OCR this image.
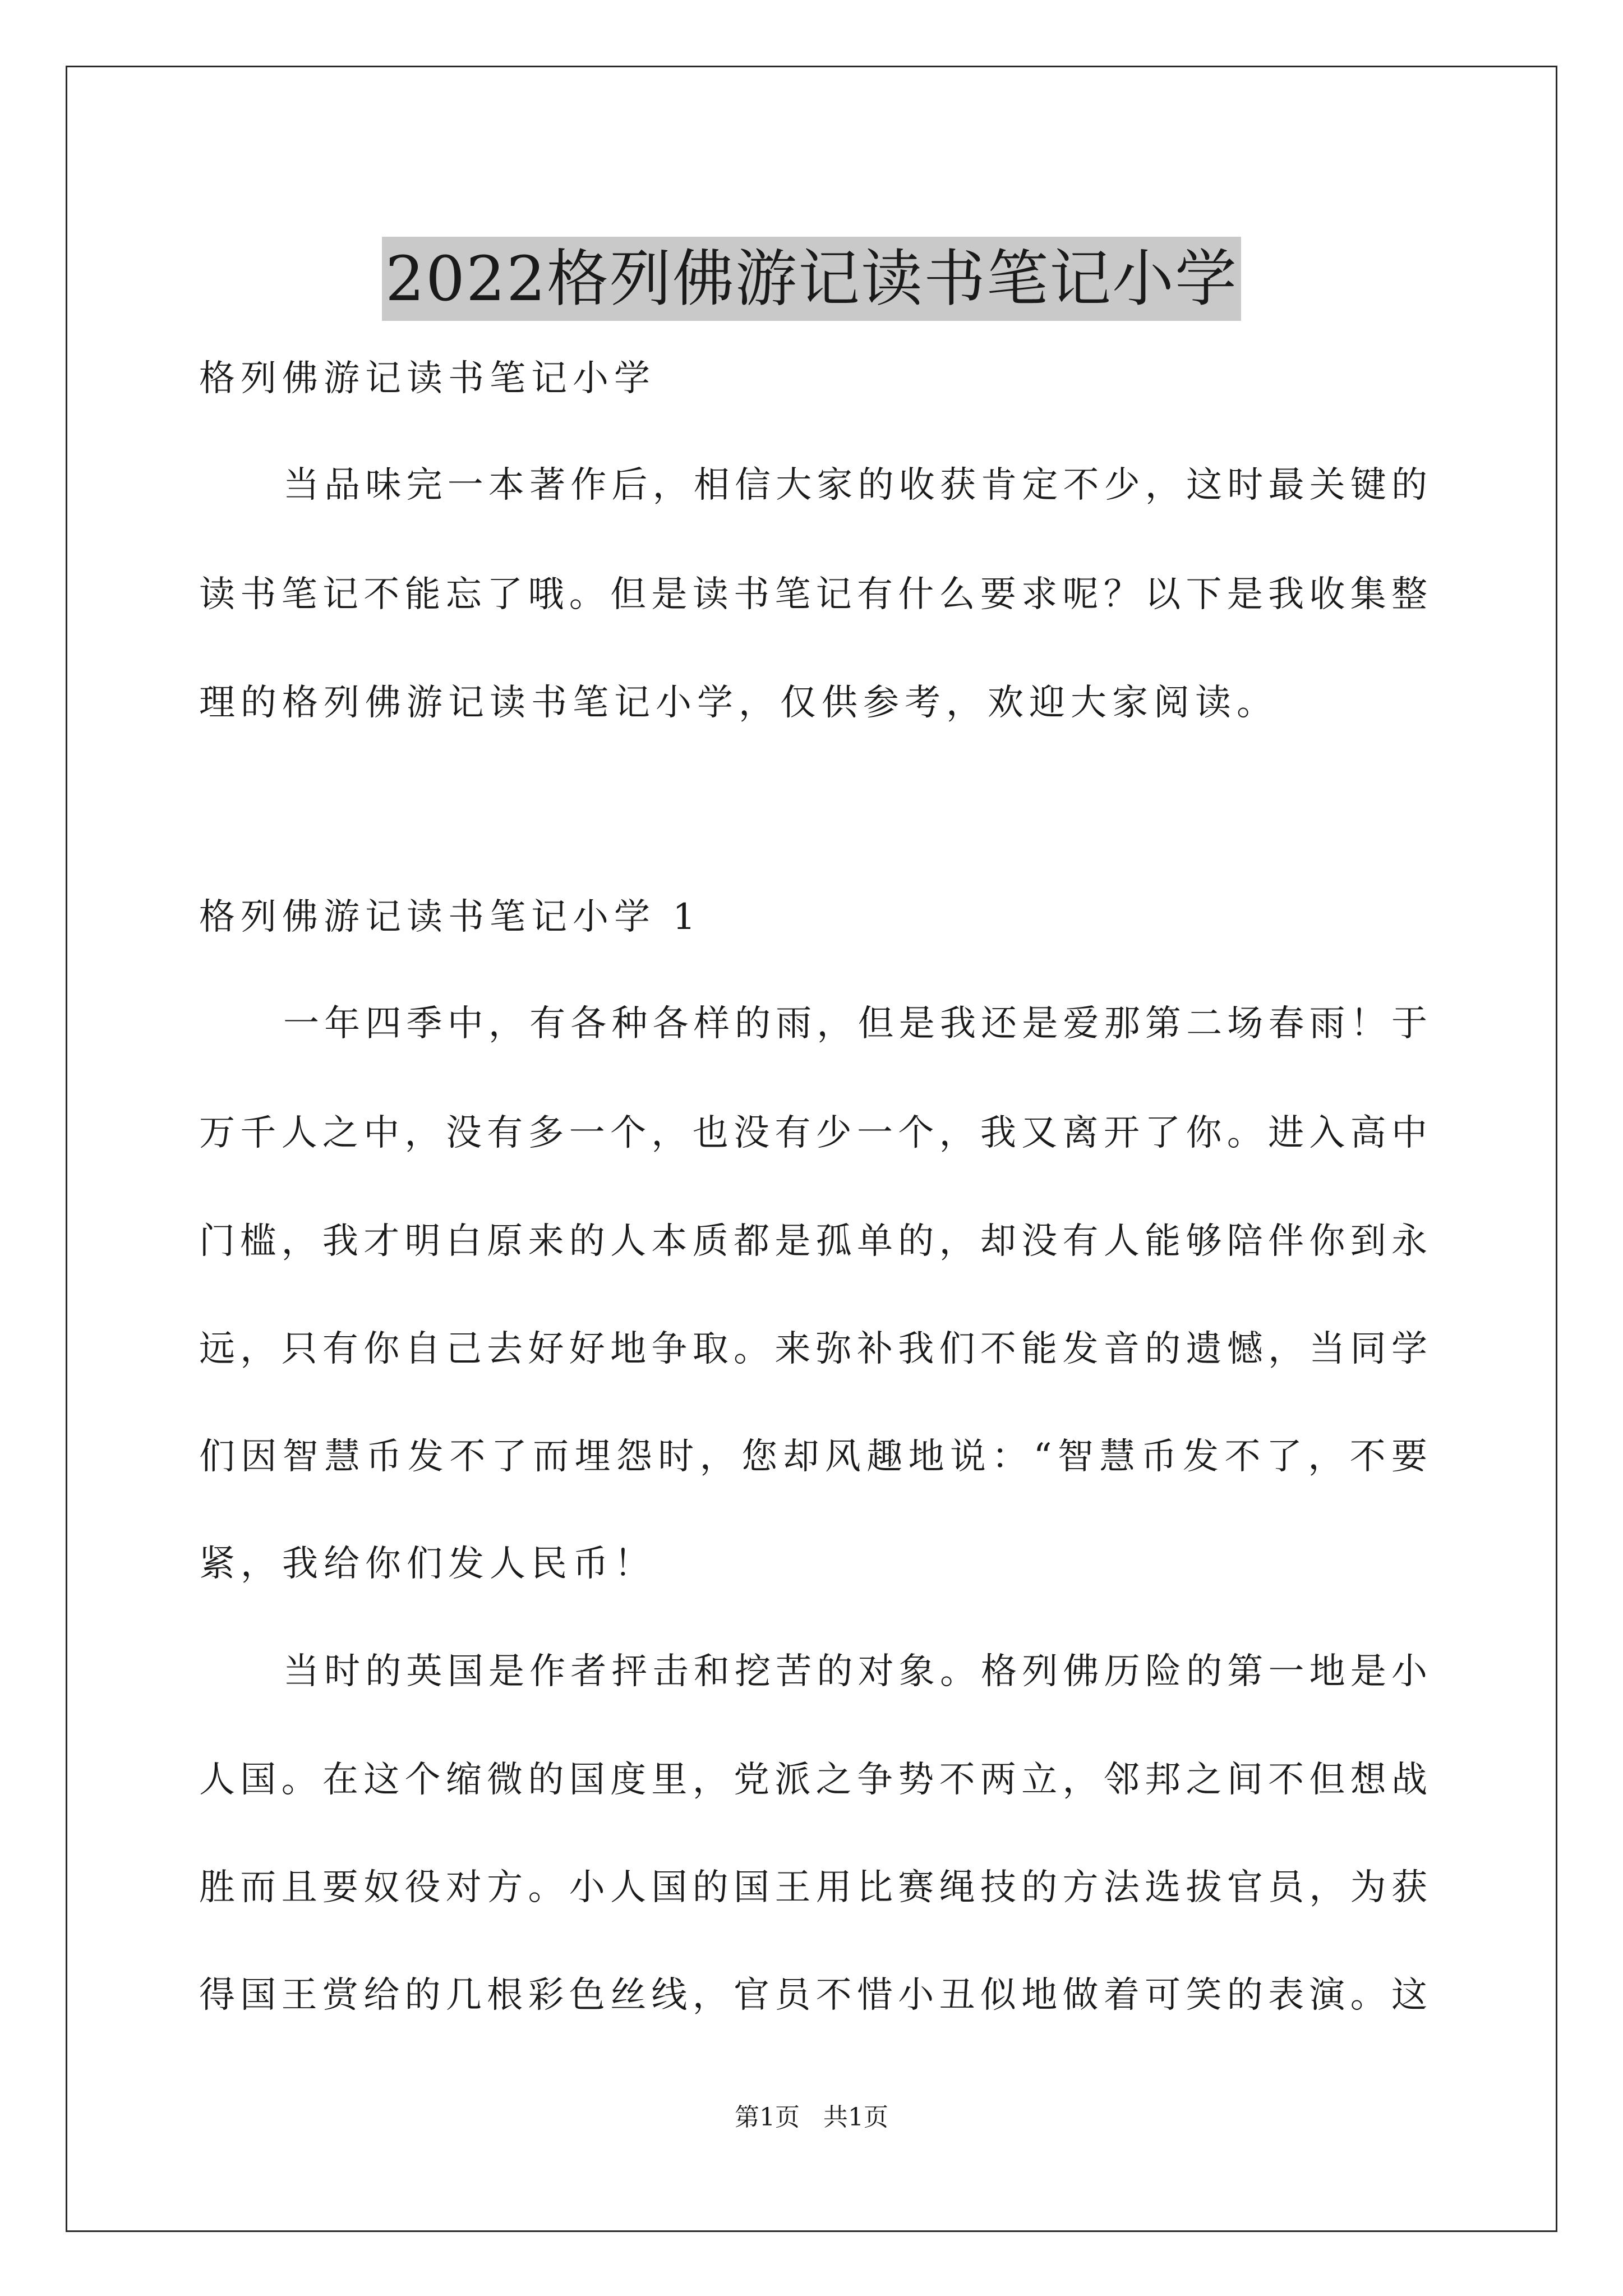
2022格列佛游记读书笔记小学
格列佛游记读书笔记小学
当品味完一本著作后，相信大家的收获肯定不少，这时最关键的
读书笔记不能忘了哦。但是读书笔记有什么要求呢？以下是我收集整
理的格列佛游记读书笔记小学，仅供参考，欢迎大家阅读。
格列佛游记读书笔记小学 1
一年四季中，有各种各样的雨，但是我还是爱那第二场春雨！于
万千人之中，没有多一个，也没有少一个，我又离开了你。进入高中
门槛，我才明白原来的人本质都是孤单的，却没有人能够陪伴你到永
远，只有你自己去好好地争取。来弥补我们不能发音的遗憾，当同学
们因智慧币发不了而埋怨时，您却风趣地说：“智慧币发不了，不要
紧，我给你们发人民币！
当时的英国是作者抨击和挖苦的对象。格列佛历险的第一地是小
人国。在这个缩微的国度里，党派之争势不两立，邻邦之间不但想战
胜而且要奴役对方。小人国的国王用比赛绳技的方法选拔官员，为获
得国王赏给的几根彩色丝线，官员不惜小丑似地做着可笑的表演。这
第1页 共1页
